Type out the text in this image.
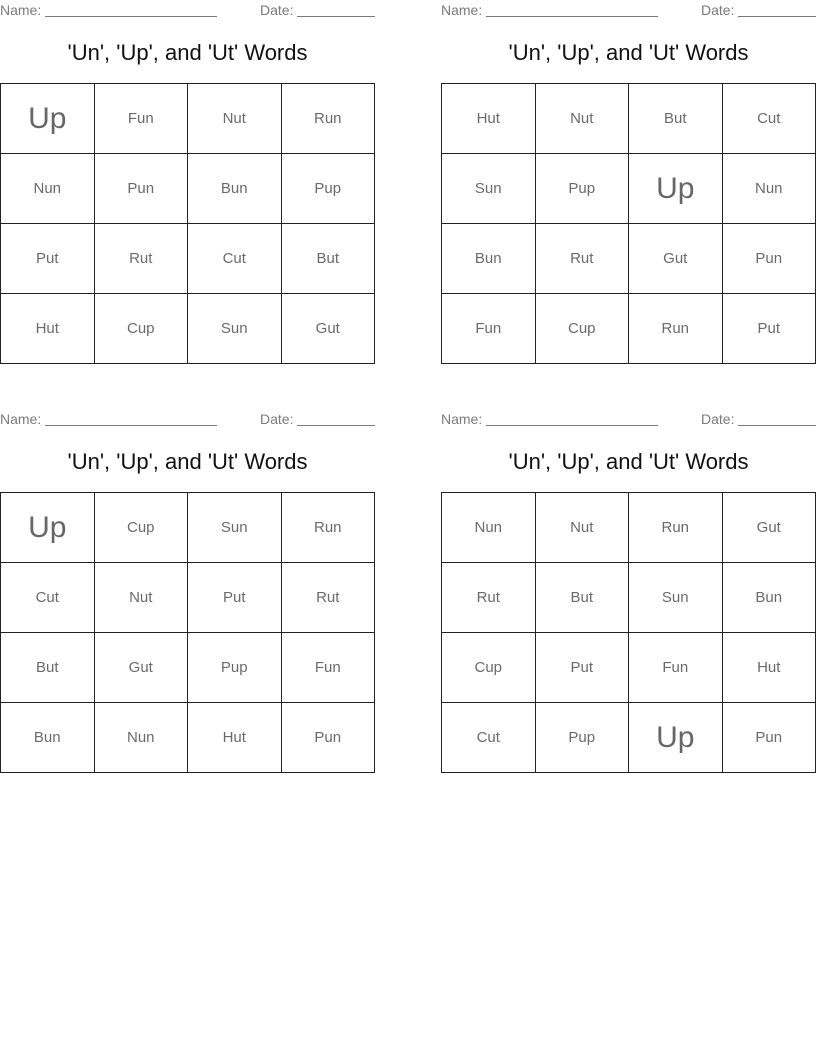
Name:	Date:
'Un', 'Up', and 'Ut' Words
Up	Fun	Nut	Run
Nun	Pun	Bun	Pup
Put	Rut	Cut	But
Hut	Cup	Sun	Gut
Name:	Date:
'Un', 'Up', and 'Ut' Words
Hut	Nut	But	Cut
Sun	Pup	Up	Nun
Bun	Rut	Gut	Pun
Fun	Cup	Run	Put
Name:	Date:
'Un', 'Up', and 'Ut' Words
Up	Cup	Sun	Run
Cut	Nut	Put	Rut
But	Gut	Pup	Fun
Bun	Nun	Hut	Pun
Name:	Date:
'Un', 'Up', and 'Ut' Words
Nun	Nut	Run	Gut
Rut	But	Sun	Bun
Cup	Put	Fun	Hut
Cut	Pup	Up	Pun
